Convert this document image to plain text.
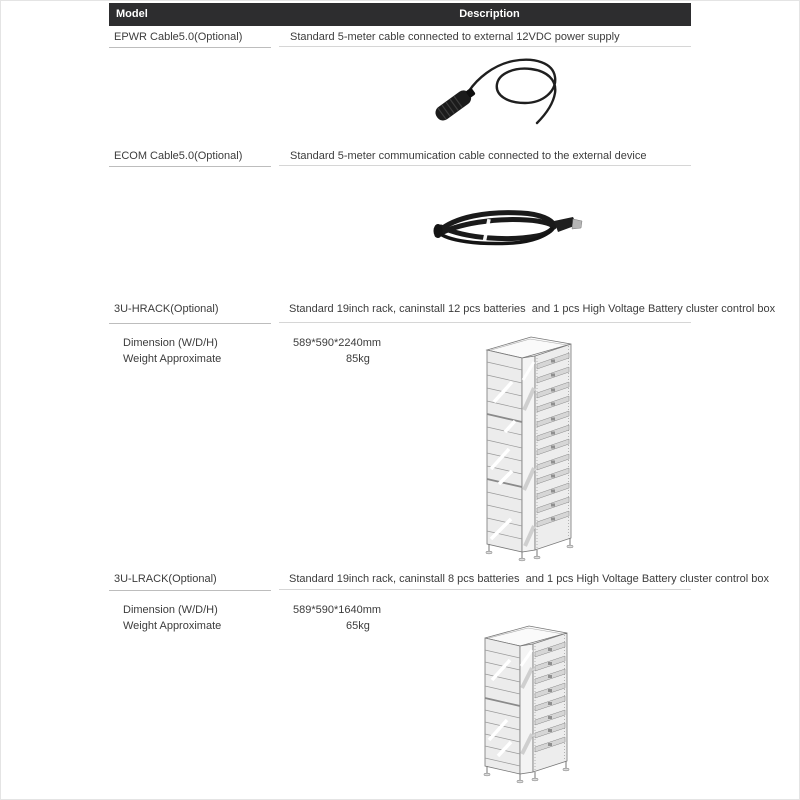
Model	Description
EPWR Cable5.0(Optional)	Standard 5-meter cable connected to external 12VDC power supply
ECOM Cable5.0(Optional)	Standard 5-meter commumication cable connected to the external device
3U-HRACK(Optional)	Standard 19inch rack, caninstall 12 pcs batteries  and 1 pcs High Voltage Battery cluster control box
Dimension (W/D/H)	589*590*2240mm
Weight Approximate	85kg
3U-LRACK(Optional)	Standard 19inch rack, caninstall 8 pcs batteries  and 1 pcs High Voltage Battery cluster control box
Dimension (W/D/H)	589*590*1640mm
Weight Approximate	65kg
